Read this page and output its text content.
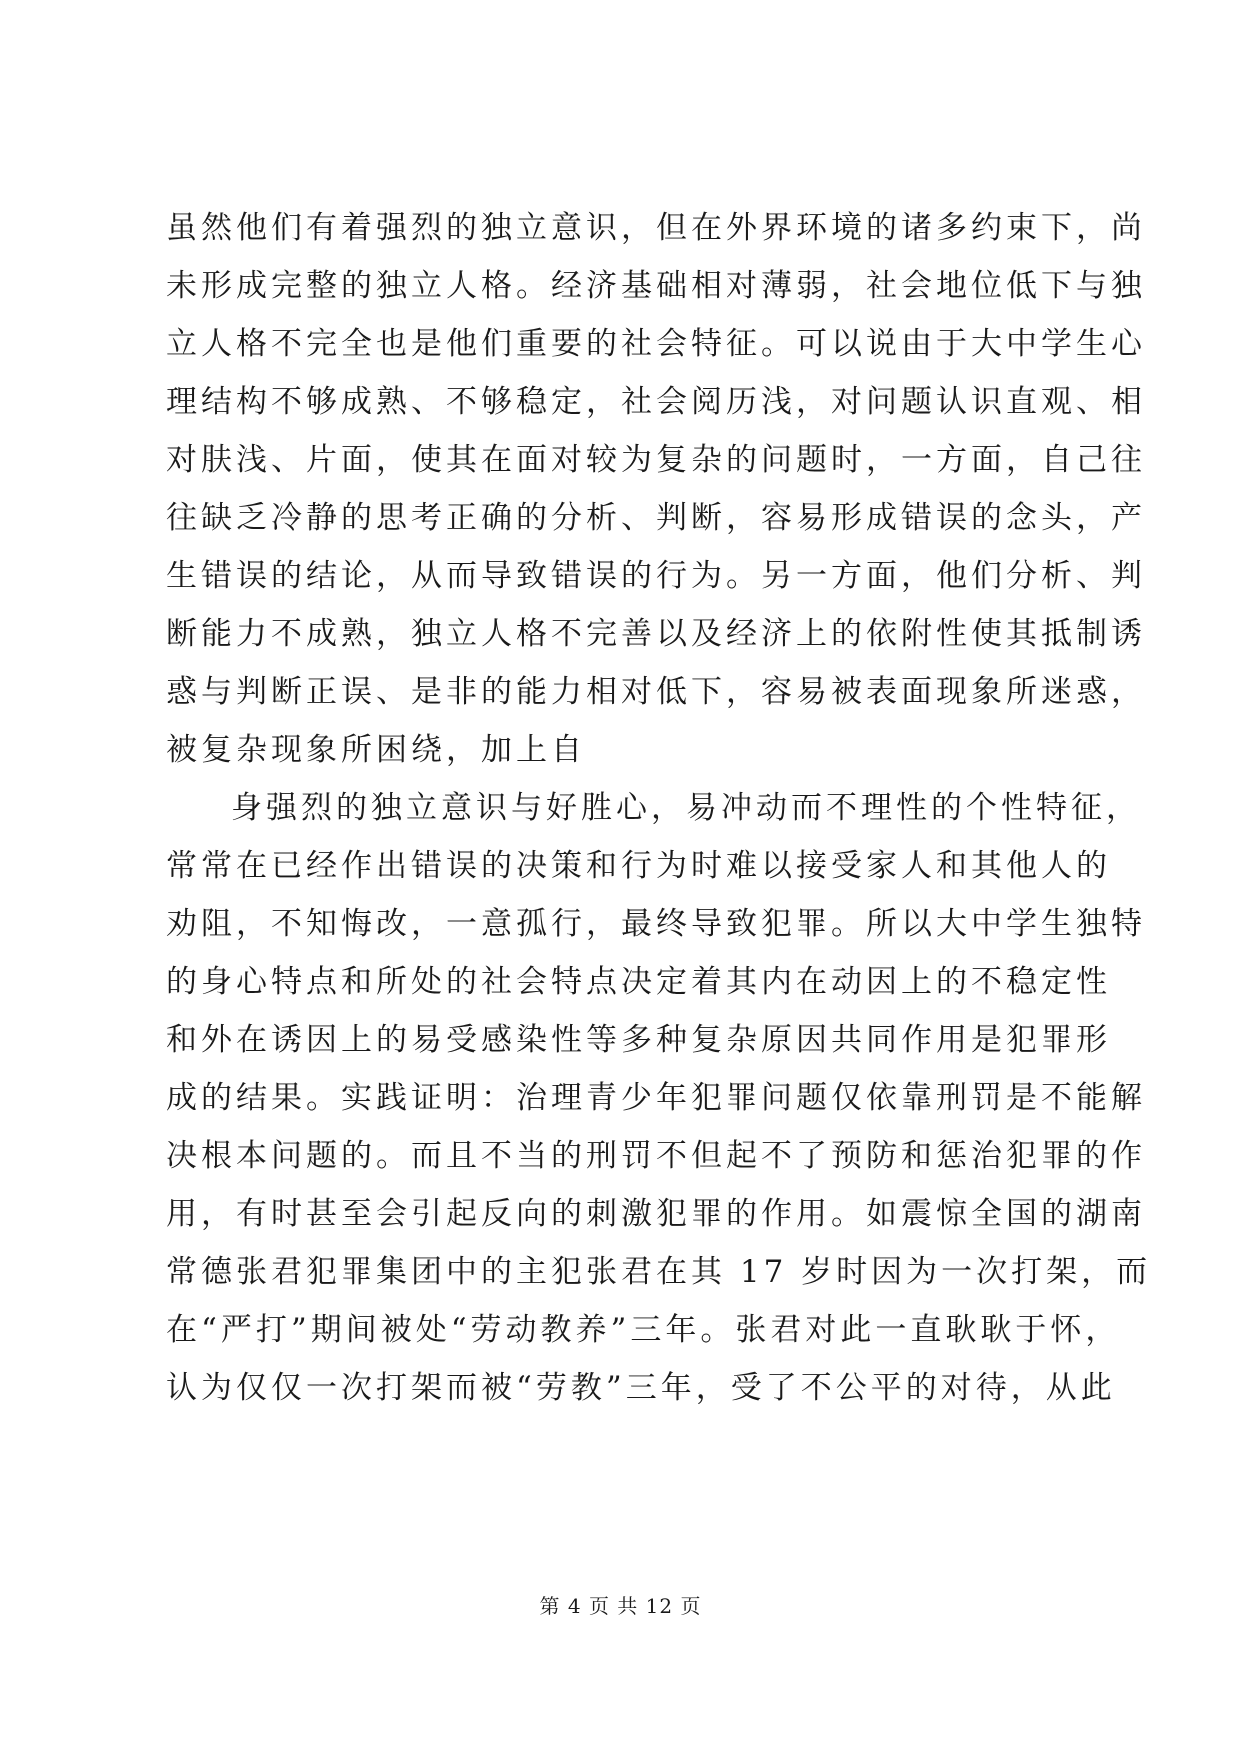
虽然他们有着强烈的独立意识，但在外界环境的诸多约束下，尚
未形成完整的独立人格。经济基础相对薄弱，社会地位低下与独
立人格不完全也是他们重要的社会特征。可以说由于大中学生心
理结构不够成熟、不够稳定，社会阅历浅，对问题认识直观、相
对肤浅、片面，使其在面对较为复杂的问题时，一方面，自己往
往缺乏冷静的思考正确的分析、判断，容易形成错误的念头，产
生错误的结论，从而导致错误的行为。另一方面，他们分析、判
断能力不成熟，独立人格不完善以及经济上的依附性使其抵制诱
惑与判断正误、是非的能力相对低下，容易被表面现象所迷惑，
被复杂现象所困绕，加上自
身强烈的独立意识与好胜心，易冲动而不理性的个性特征，
常常在已经作出错误的决策和行为时难以接受家人和其他人的
劝阻，不知悔改，一意孤行，最终导致犯罪。所以大中学生独特
的身心特点和所处的社会特点决定着其内在动因上的不稳定性
和外在诱因上的易受感染性等多种复杂原因共同作用是犯罪形
成的结果。实践证明：治理青少年犯罪问题仅依靠刑罚是不能解
决根本问题的。而且不当的刑罚不但起不了预防和惩治犯罪的作
用，有时甚至会引起反向的刺激犯罪的作用。如震惊全国的湖南
常德张君犯罪集团中的主犯张君在其 17 岁时因为一次打架，而
在“严打”期间被处“劳动教养”三年。张君对此一直耿耿于怀，
认为仅仅一次打架而被“劳教”三年，受了不公平的对待，从此
第 4 页 共 12 页
